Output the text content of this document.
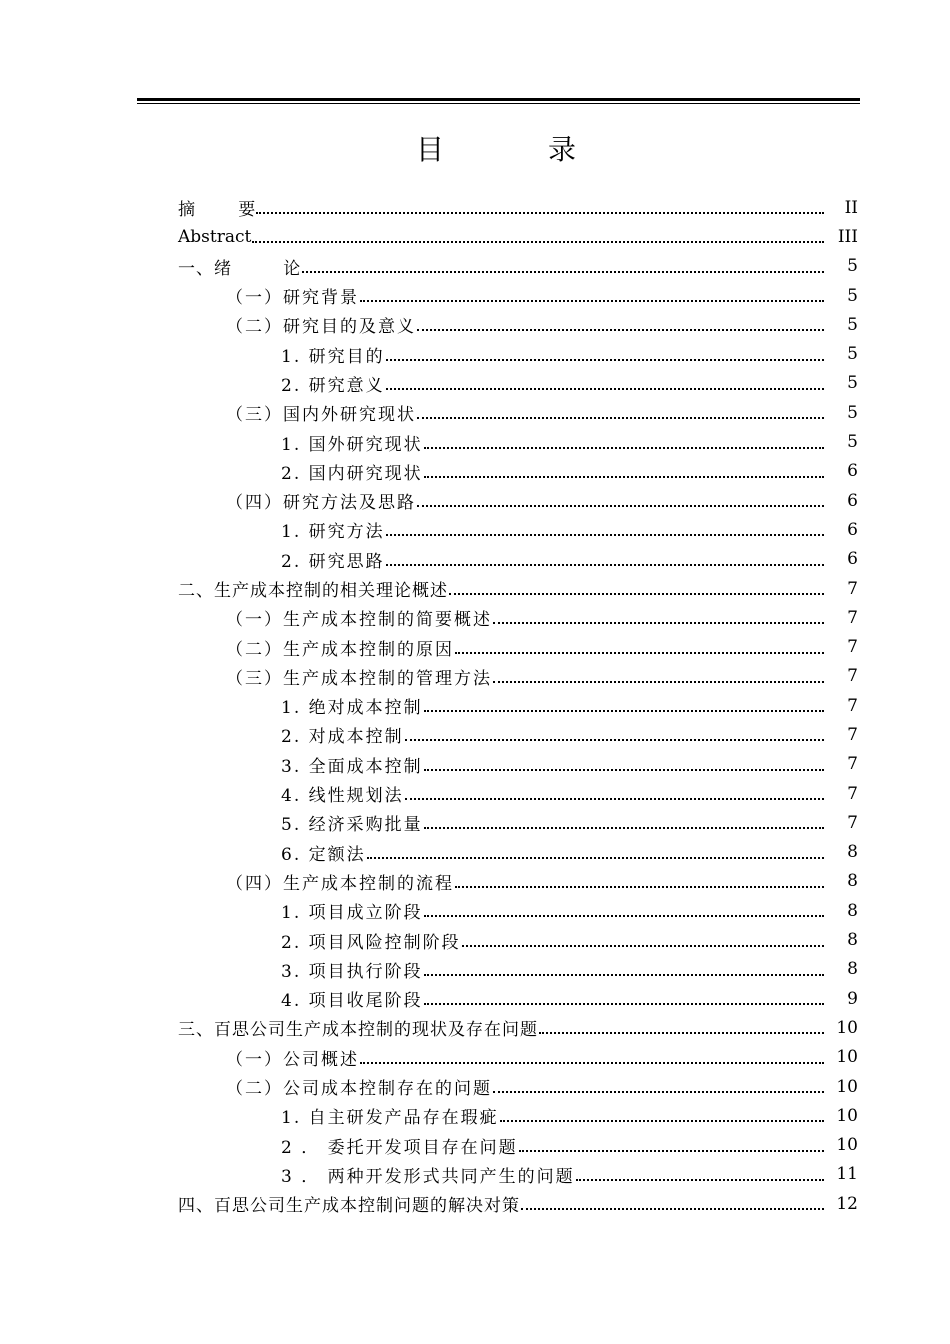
目	录
摘        要	II
Abstract	III
一、绪        论	5
（一）研究背景	5
（二）研究目的及意义	5
1. 研究目的	5
2. 研究意义	5
（三）国内外研究现状	5
1. 国外研究现状	5
2. 国内研究现状	6
（四）研究方法及思路	6
1. 研究方法	6
2. 研究思路	6
二、生产成本控制的相关理论概述	7
（一）生产成本控制的简要概述	7
（二）生产成本控制的原因	7
（三）生产成本控制的管理方法	7
1. 绝对成本控制	7
2. 对成本控制	7
3. 全面成本控制	7
4. 线性规划法	7
5. 经济采购批量	7
6. 定额法	8
（四）生产成本控制的流程	8
1. 项目成立阶段	8
2. 项目风险控制阶段	8
3. 项目执行阶段	8
4. 项目收尾阶段	9
三、百思公司生产成本控制的现状及存在问题	10
（一）公司概述	10
（二）公司成本控制存在的问题	10
1. 自主研发产品存在瑕疵	10
2 ． 委托开发项目存在问题	10
3 ． 两种开发形式共同产生的问题	11
四、百思公司生产成本控制问题的解决对策	12
